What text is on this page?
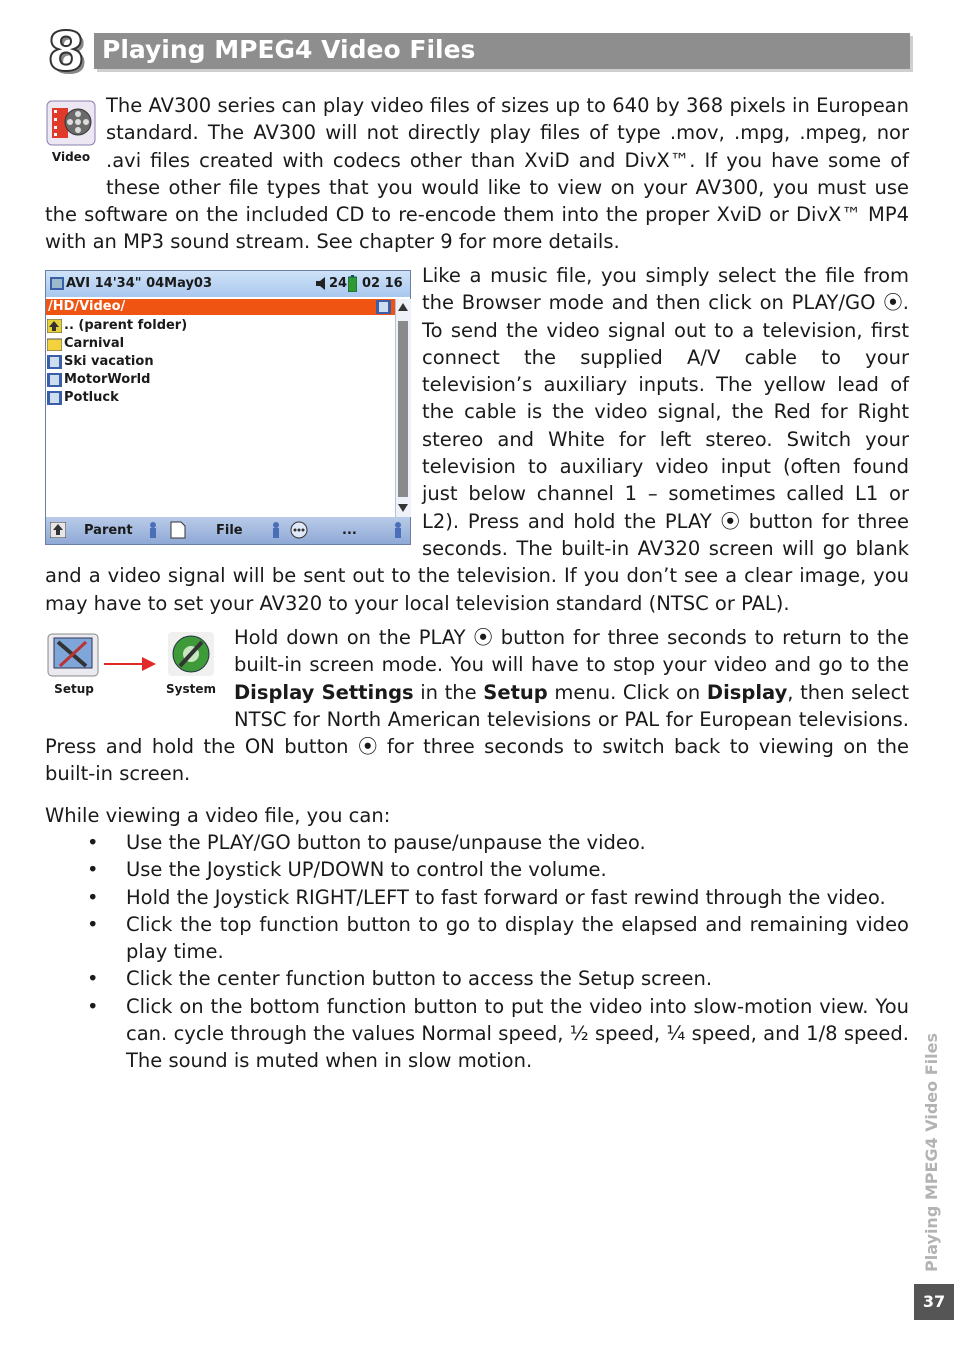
8 Playing MPEG4 Video Files
Video
The AV300 series can play video files of sizes up to 640 by 368 pixels in European standard. The AV300 will not directly play files of type .mov, .mpg, .mpeg, nor .avi files created with codecs other than XviD and DivX™. If you have some of these other file types that you would like to view on your AV300, you must use the software on the included CD to re-encode them into the proper XviD or DivX™ MP4 with an MP3 sound stream. See chapter 9 for more details.
AVI 14'34" 04May03	24 02 16
/HD/Video/
.. (parent folder)
Carnival
Ski vacation
MotorWorld
Potluck
Parent	File	...
Like a music file, you simply select the file from the Browser mode and then click on PLAY/GO ⦿. To send the video signal out to a television, first connect the supplied A/V cable to your television’s auxiliary inputs. The yellow lead of the cable is the video signal, the Red for Right stereo and White for left stereo. Switch your television to auxiliary video input (often found just below channel 1 – sometimes called L1 or L2). Press and hold the PLAY ⦿ button for three seconds. The built-in AV320 screen will go blank and a video signal will be sent out to the television. If you don’t see a clear image, you may have to set your AV320 to your local television standard (NTSC or PAL).
Setup	System
Hold down on the PLAY ⦿ button for three seconds to return to the built-in screen mode. You will have to stop your video and go to the Display Settings in the Setup menu. Click on Display, then select NTSC for North American televisions or PAL for European televisions. Press and hold the ON button ⦿ for three seconds to switch back to viewing on the built-in screen.
While viewing a video file, you can:
• Use the PLAY/GO button to pause/unpause the video.
• Use the Joystick UP/DOWN to control the volume.
• Hold the Joystick RIGHT/LEFT to fast forward or fast rewind through the video.
• Click the top function button to go to display the elapsed and remaining video play time.
• Click the center function button to access the Setup screen.
• Click on the bottom function button to put the video into slow-motion view. You can. cycle through the values Normal speed, ½ speed, ¼ speed, and 1/8 speed. The sound is muted when in slow motion.	Playing MPEG4 Video Files
37
